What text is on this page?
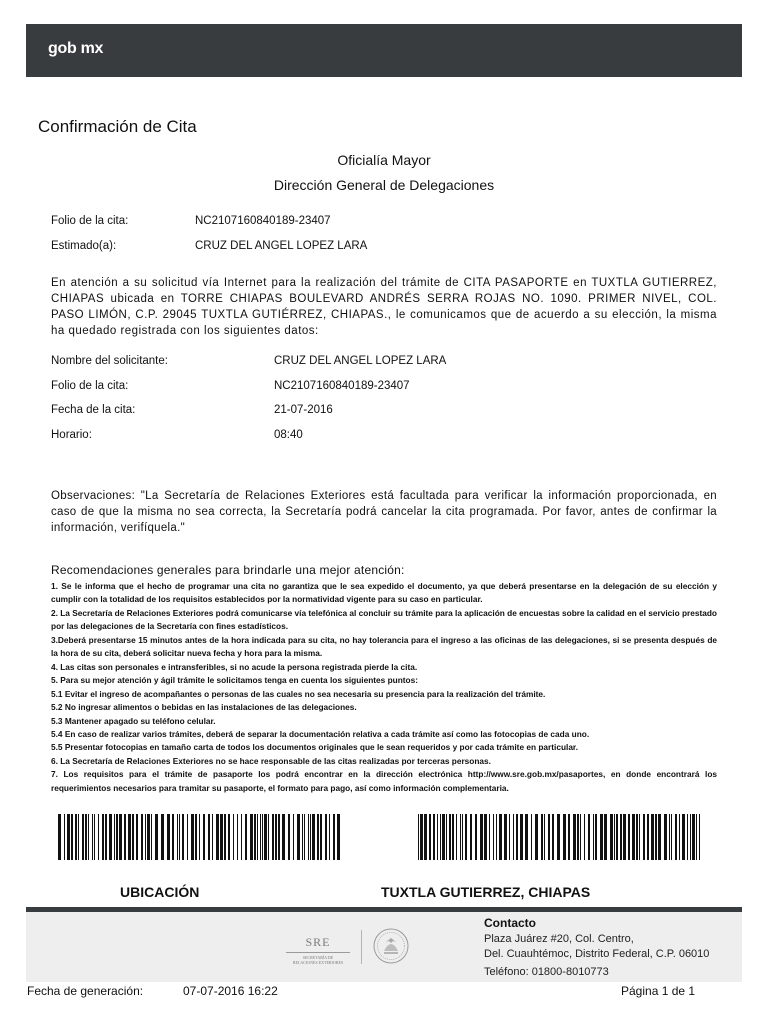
gob mx
Confirmación de Cita
Oficialía Mayor
Dirección General de Delegaciones
Folio de la cita:	NC2107160840189-23407
Estimado(a):	CRUZ DEL ANGEL LOPEZ LARA
En atención a su solicitud vía Internet para la realización del trámite de CITA PASAPORTE en TUXTLA GUTIERREZ, CHIAPAS ubicada en TORRE CHIAPAS BOULEVARD ANDRÉS SERRA ROJAS NO. 1090. PRIMER NIVEL, COL. PASO LIMÓN, C.P. 29045 TUXTLA GUTIÉRREZ, CHIAPAS., le comunicamos que de acuerdo a su elección, la misma ha quedado registrada con los siguientes datos:
Nombre del solicitante:	CRUZ DEL ANGEL LOPEZ LARA
Folio de la cita:	NC2107160840189-23407
Fecha de la cita:	21-07-2016
Horario:	08:40
Observaciones: "La Secretaría de Relaciones Exteriores está facultada para verificar la información proporcionada, en caso de que la misma no sea correcta, la Secretaría podrá cancelar la cita programada. Por favor, antes de confirmar la información, verifíquela."
Recomendaciones generales para brindarle una mejor atención:

1. Se le informa que el hecho de programar una cita no garantiza que le sea expedido el documento, ya que deberá presentarse en la delegación de su elección y cumplir con la totalidad de los requisitos establecidos por la normatividad vigente para su caso en particular.

2. La Secretaría de Relaciones Exteriores podrá comunicarse vía telefónica al concluir su trámite para la aplicación de encuestas sobre la calidad en el servicio prestado por las delegaciones de la Secretaría con fines estadísticos.

3.Deberá presentarse 15 minutos antes de la hora indicada para su cita, no hay tolerancia para el ingreso a las oficinas de las delegaciones, si se presenta después de la hora de su cita, deberá solicitar nueva fecha y hora para la misma.

4. Las citas son personales e intransferibles, si no acude la persona registrada pierde la cita.

5. Para su mejor atención y ágil trámite le solicitamos tenga en cuenta los siguientes puntos:

5.1 Evitar el ingreso de acompañantes o personas de las cuales no sea necesaria su presencia para la realización del trámite.

5.2 No ingresar alimentos o bebidas en las instalaciones de las delegaciones.

5.3 Mantener apagado su teléfono celular.

5.4 En caso de realizar varios trámites, deberá de separar la documentación relativa a cada trámite así como las fotocopias de cada uno.

5.5 Presentar fotocopias en tamaño carta de todos los documentos originales que le sean requeridos y por cada trámite en particular.

6. La Secretaría de Relaciones Exteriores no se hace responsable de las citas realizadas por terceras personas.

7. Los requisitos para el trámite de pasaporte los podrá encontrar en la dirección electrónica http://www.sre.gob.mx/pasaportes, en donde encontrará los requerimientos necesarios para tramitar su pasaporte, el formato para pago, así como información complementaria.

UBICACIÓN	TUXTLA GUTIERREZ, CHIAPAS
SRE
SECRETARÍA DE
RELACIONES EXTERIORES
Contacto
Plaza Juárez #20, Col. Centro,
Del. Cuauhtémoc, Distrito Federal, C.P. 06010
Teléfono: 01800-8010773
Fecha de generación:	07-07-2016 16:22	Página 1 de 1
